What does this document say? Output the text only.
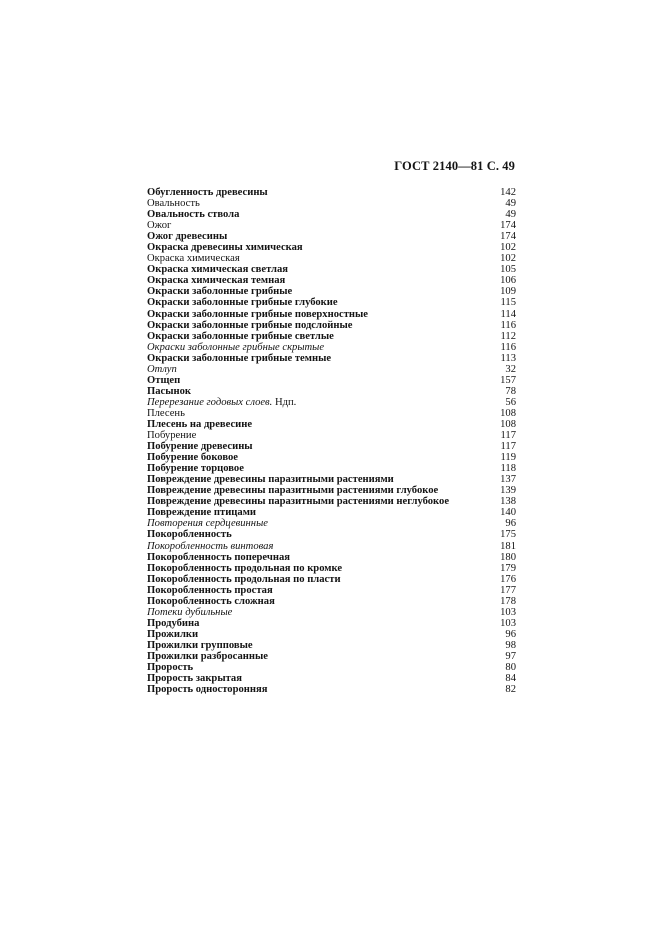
ГОСТ 2140—81 С. 49
Обугленность древесины	142
Овальность	49
Овальность ствола	49
Ожог	174
Ожог древесины	174
Окраска древесины химическая	102
Окраска химическая	102
Окраска химическая светлая	105
Окраска химическая темная	106
Окраски заболонные грибные	109
Окраски заболонные грибные глубокие	115
Окраски заболонные грибные поверхностные	114
Окраски заболонные грибные подслойные	116
Окраски заболонные грибные светлые	112
Окраски заболонные грибные скрытые	116
Окраски заболонные грибные темные	113
Отлуп	32
Отщеп	157
Пасынок	78
Перерезание годовых слоев. Ндп.	56
Плесень	108
Плесень на древесине	108
Побурение	117
Побурение древесины	117
Побурение боковое	119
Побурение торцовое	118
Повреждение древесины паразитными растениями	137
Повреждение древесины паразитными растениями глубокое	139
Повреждение древесины паразитными растениями неглубокое	138
Повреждение птицами	140
Повторения сердцевинные	96
Покоробленность	175
Покоробленность винтовая	181
Покоробленность поперечная	180
Покоробленность продольная по кромке	179
Покоробленность продольная по пласти	176
Покоробленность простая	177
Покоробленность сложная	178
Потеки дубильные	103
Продубина	103
Прожилки	96
Прожилки групповые	98
Прожилки разбросанные	97
Прорость	80
Прорость закрытая	84
Прорость односторонняя	82
